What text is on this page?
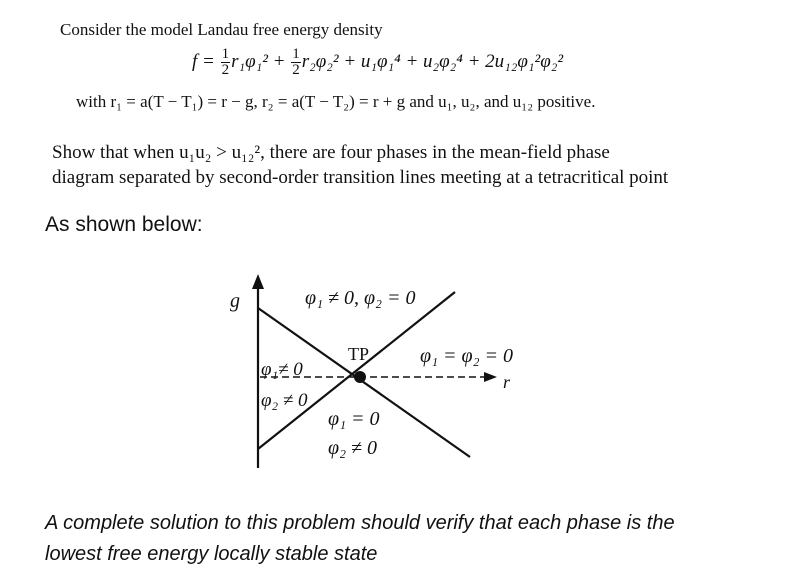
Consider the model Landau free energy density
$f = \frac{1}{2} r_1\varphi_1^2 + \frac{1}{2} r_2\varphi_2^2 + u_1\varphi_1^4 + u_2\varphi_2^4 + 2u_{12}\varphi_1^2\varphi_2^2$
with r₁ = a(T − T₁) = r − g, r₂ = a(T − T₂) = r + g and u₁, u₂, and u₁₂ positive.
Show that when u₁u₂ > u₁₂², there are four phases in the mean-field phase
diagram separated by second-order transition lines meeting at a tetracritical point
As shown below:
g
r
TP
φ₁ ≠ 0, φ₂ = 0
φ₁ = φ₂ = 0
φ₁≠ 0
φ₂ ≠ 0
φ₁ = 0
φ₂ ≠ 0
A complete solution to this problem should verify that each phase is the
lowest free energy locally stable state
